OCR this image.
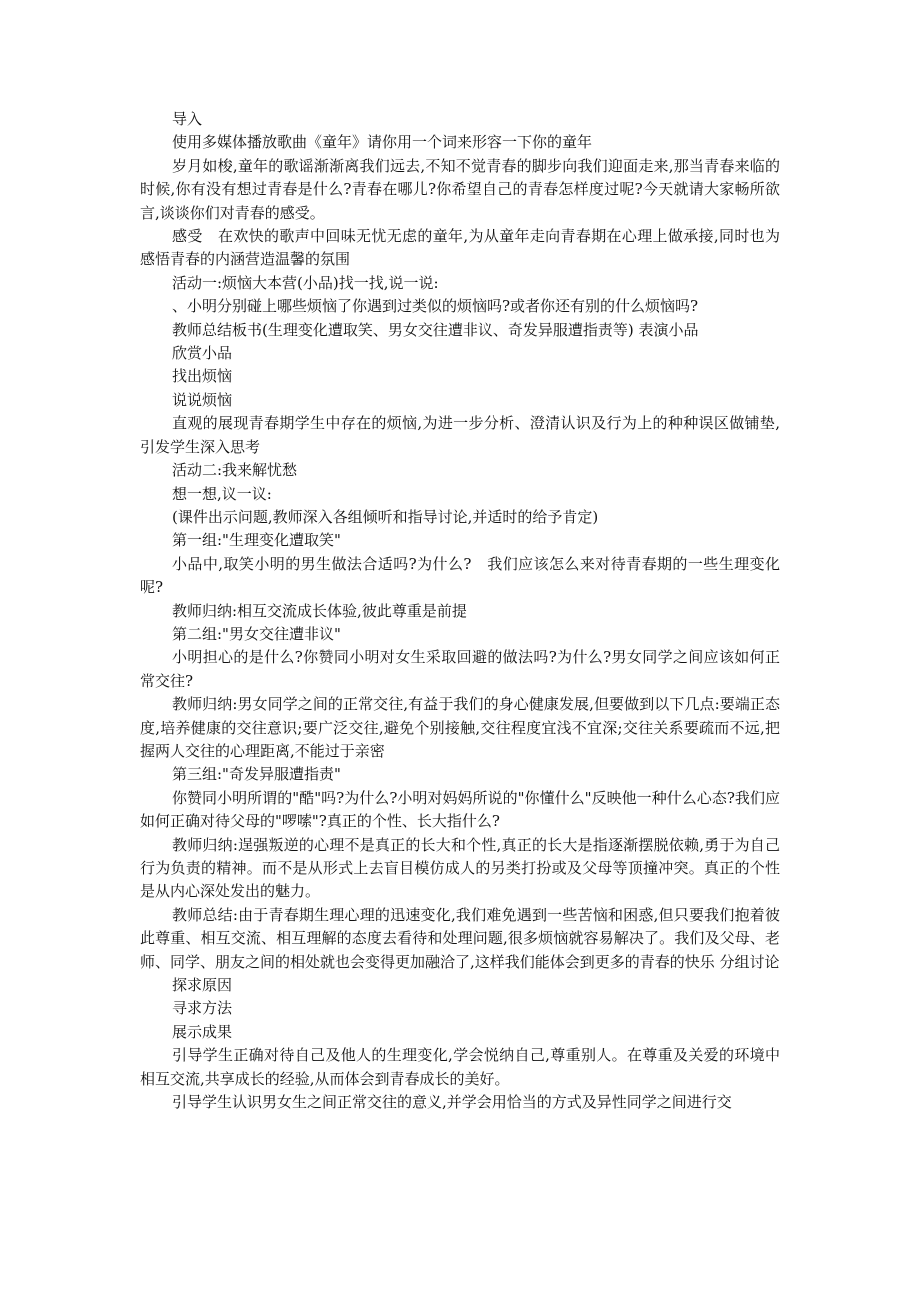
导入

使用多媒体播放歌曲《童年》请你用一个词来形容一下你的童年

岁月如梭,童年的歌谣渐渐离我们远去,不知不觉青春的脚步向我们迎面走来,那当青春来临的时候,你有没有想过青春是什么?青春在哪儿?你希望自己的青春怎样度过呢?今天就请大家畅所欲言,谈谈你们对青春的感受。

感受　在欢快的歌声中回味无忧无虑的童年,为从童年走向青春期在心理上做承接,同时也为感悟青春的内涵营造温馨的氛围

活动一:烦恼大本营(小品)找一找,说一说:

、小明分别碰上哪些烦恼了你遇到过类似的烦恼吗?或者你还有别的什么烦恼吗?

教师总结板书(生理变化遭取笑、男女交往遭非议、奇发异服遭指责等) 表演小品

欣赏小品

找出烦恼

说说烦恼

直观的展现青春期学生中存在的烦恼,为进一步分析、澄清认识及行为上的种种误区做铺垫,引发学生深入思考

活动二:我来解忧愁

想一想,议一议:

(课件出示问题,教师深入各组倾听和指导讨论,并适时的给予肯定)

第一组:"生理变化遭取笑"

小品中,取笑小明的男生做法合适吗?为什么?　我们应该怎么来对待青春期的一些生理变化呢?

教师归纳:相互交流成长体验,彼此尊重是前提

第二组:"男女交往遭非议"

小明担心的是什么?你赞同小明对女生采取回避的做法吗?为什么?男女同学之间应该如何正常交往?

教师归纳:男女同学之间的正常交往,有益于我们的身心健康发展,但要做到以下几点:要端正态度,培养健康的交往意识;要广泛交往,避免个别接触,交往程度宜浅不宜深;交往关系要疏而不远,把握两人交往的心理距离,不能过于亲密

第三组:"奇发异服遭指责"

你赞同小明所谓的"酷"吗?为什么?小明对妈妈所说的"你懂什么"反映他一种什么心态?我们应如何正确对待父母的"啰嗦"?真正的个性、长大指什么?

教师归纳:逞强叛逆的心理不是真正的长大和个性,真正的长大是指逐渐摆脱依赖,勇于为自己行为负责的精神。而不是从形式上去盲目模仿成人的另类打扮或及父母等顶撞冲突。真正的个性是从内心深处发出的魅力。

教师总结:由于青春期生理心理的迅速变化,我们难免遇到一些苦恼和困惑,但只要我们抱着彼此尊重、相互交流、相互理解的态度去看待和处理问题,很多烦恼就容易解决了。我们及父母、老师、同学、朋友之间的相处就也会变得更加融洽了,这样我们能体会到更多的青春的快乐 分组讨论

探求原因

寻求方法

展示成果

引导学生正确对待自己及他人的生理变化,学会悦纳自己,尊重别人。在尊重及关爱的环境中相互交流,共享成长的经验,从而体会到青春成长的美好。

引导学生认识男女生之间正常交往的意义,并学会用恰当的方式及异性同学之间进行交
